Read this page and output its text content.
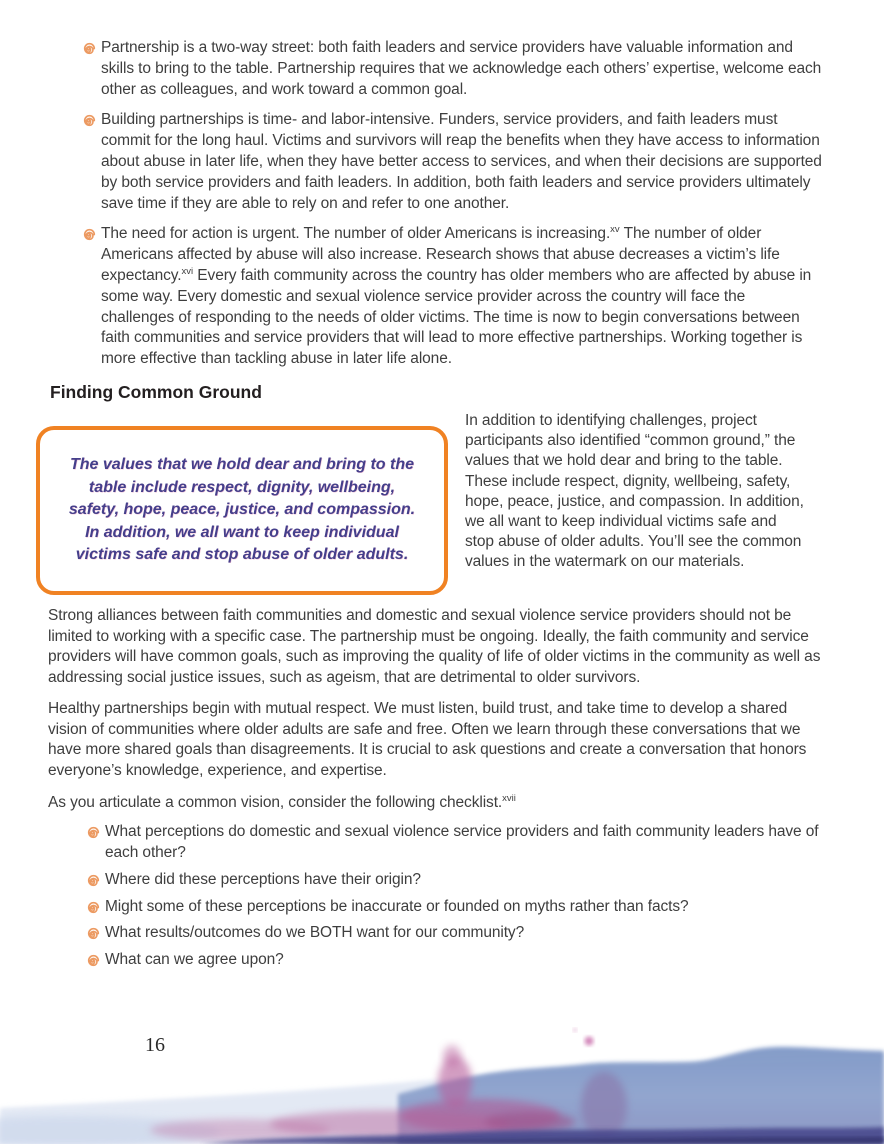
Partnership is a two-way street: both faith leaders and service providers have valuable information and skills to bring to the table. Partnership requires that we acknowledge each others’ expertise, welcome each other as colleagues, and work toward a common goal.

Building partnerships is time- and labor-intensive. Funders, service providers, and faith leaders must commit for the long haul. Victims and survivors will reap the benefits when they have access to information about abuse in later life, when they have better access to services, and when their decisions are supported by both service providers and faith leaders. In addition, both faith leaders and service providers ultimately save time if they are able to rely on and refer to one another.

The need for action is urgent. The number of older Americans is increasing.$^{xv}$ The number of older Americans affected by abuse will also increase. Research shows that abuse decreases a victim’s life expectancy.$^{xvi}$ Every faith community across the country has older members who are affected by abuse in some way. Every domestic and sexual violence service provider across the country will face the challenges of responding to the needs of older victims. The time is now to begin conversations between faith communities and service providers that will lead to more effective partnerships. Working together is more effective than tackling abuse in later life alone.

Finding Common Ground

The values that we hold dear and bring to the table include respect, dignity, wellbeing, safety, hope, peace, justice, and compassion. In addition, we all want to keep individual victims safe and stop abuse of older adults.

In addition to identifying challenges, project participants also identified “common ground,” the values that we hold dear and bring to the table. These include respect, dignity, wellbeing, safety, hope, peace, justice, and compassion. In addition, we all want to keep individual victims safe and stop abuse of older adults. You’ll see the common values in the watermark on our materials.

Strong alliances between faith communities and domestic and sexual violence service providers should not be limited to working with a specific case. The partnership must be ongoing. Ideally, the faith community and service providers will have common goals, such as improving the quality of life of older victims in the community as well as addressing social justice issues, such as ageism, that are detrimental to older survivors.

Healthy partnerships begin with mutual respect. We must listen, build trust, and take time to develop a shared vision of communities where older adults are safe and free. Often we learn through these conversations that we have more shared goals than disagreements. It is crucial to ask questions and create a conversation that honors everyone’s knowledge, experience, and expertise.

As you articulate a common vision, consider the following checklist.$^{xvii}$

What perceptions do domestic and sexual violence service providers and faith community leaders have of each other?

Where did these perceptions have their origin?

Might some of these perceptions be inaccurate or founded on myths rather than facts?

What results/outcomes do we BOTH want for our community?

What can we agree upon?

16
